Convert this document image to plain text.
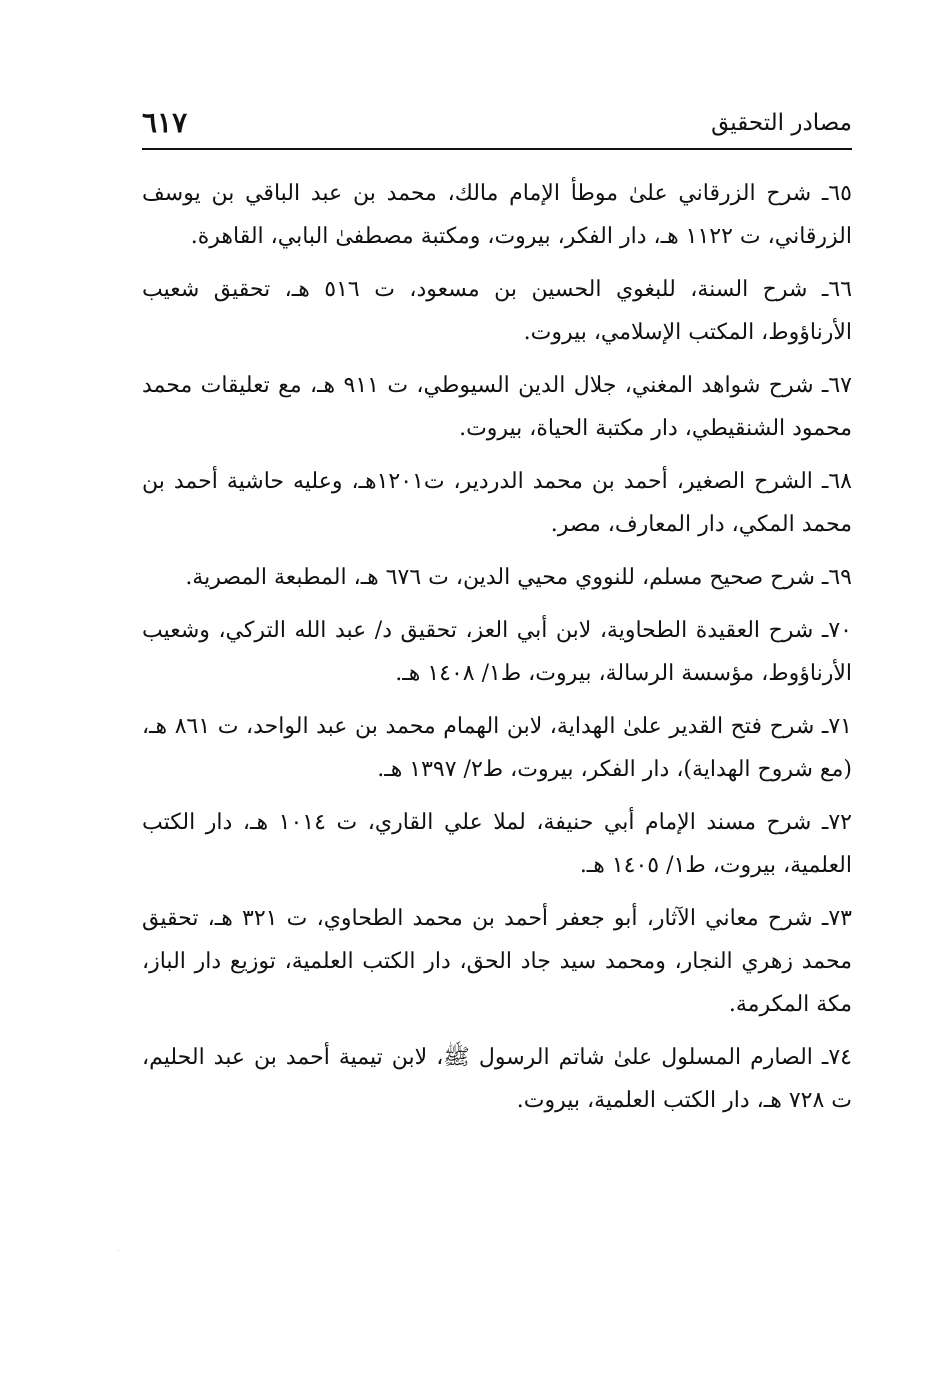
مصادر التحقيق
٦١٧

٦٥ـ شرح الزرقاني علىٰ موطأ الإمام مالك، محمد بن عبد الباقي بن يوسف الزرقاني، ت ١١٢٢ هـ، دار الفكر، بيروت، ومكتبة مصطفىٰ البابي، القاهرة.

٦٦ـ شرح السنة، للبغوي الحسين بن مسعود، ت ٥١٦ هـ، تحقيق شعيب الأرناؤوط، المكتب الإسلامي، بيروت.

٦٧ـ شرح شواهد المغني، جلال الدين السيوطي، ت ٩١١ هـ، مع تعليقات محمد محمود الشنقيطي، دار مكتبة الحياة، بيروت.

٦٨ـ الشرح الصغير، أحمد بن محمد الدردير، ت١٢٠١هـ، وعليه حاشية أحمد بن محمد المكي، دار المعارف، مصر.

٦٩ـ شرح صحيح مسلم، للنووي محيي الدين، ت ٦٧٦ هـ، المطبعة المصرية.

٧٠ـ شرح العقيدة الطحاوية، لابن أبي العز، تحقيق د/ عبد الله التركي، وشعيب الأرناؤوط، مؤسسة الرسالة، بيروت، ط١/ ١٤٠٨ هـ.

٧١ـ شرح فتح القدير علىٰ الهداية، لابن الهمام محمد بن عبد الواحد، ت ٨٦١ هـ، (مع شروح الهداية)، دار الفكر، بيروت، ط٢/ ١٣٩٧ هـ.

٧٢ـ شرح مسند الإمام أبي حنيفة، لملا علي القاري، ت ١٠١٤ هـ، دار الكتب العلمية، بيروت، ط١/ ١٤٠٥ هـ.

٧٣ـ شرح معاني الآثار، أبو جعفر أحمد بن محمد الطحاوي، ت ٣٢١ هـ، تحقيق محمد زهري النجار، ومحمد سيد جاد الحق، دار الكتب العلمية، توزيع دار الباز، مكة المكرمة.

٧٤ـ الصارم المسلول علىٰ شاتم الرسول ﷺ، لابن تيمية أحمد بن عبد الحليم، ت ٧٢٨ هـ، دار الكتب العلمية، بيروت.
